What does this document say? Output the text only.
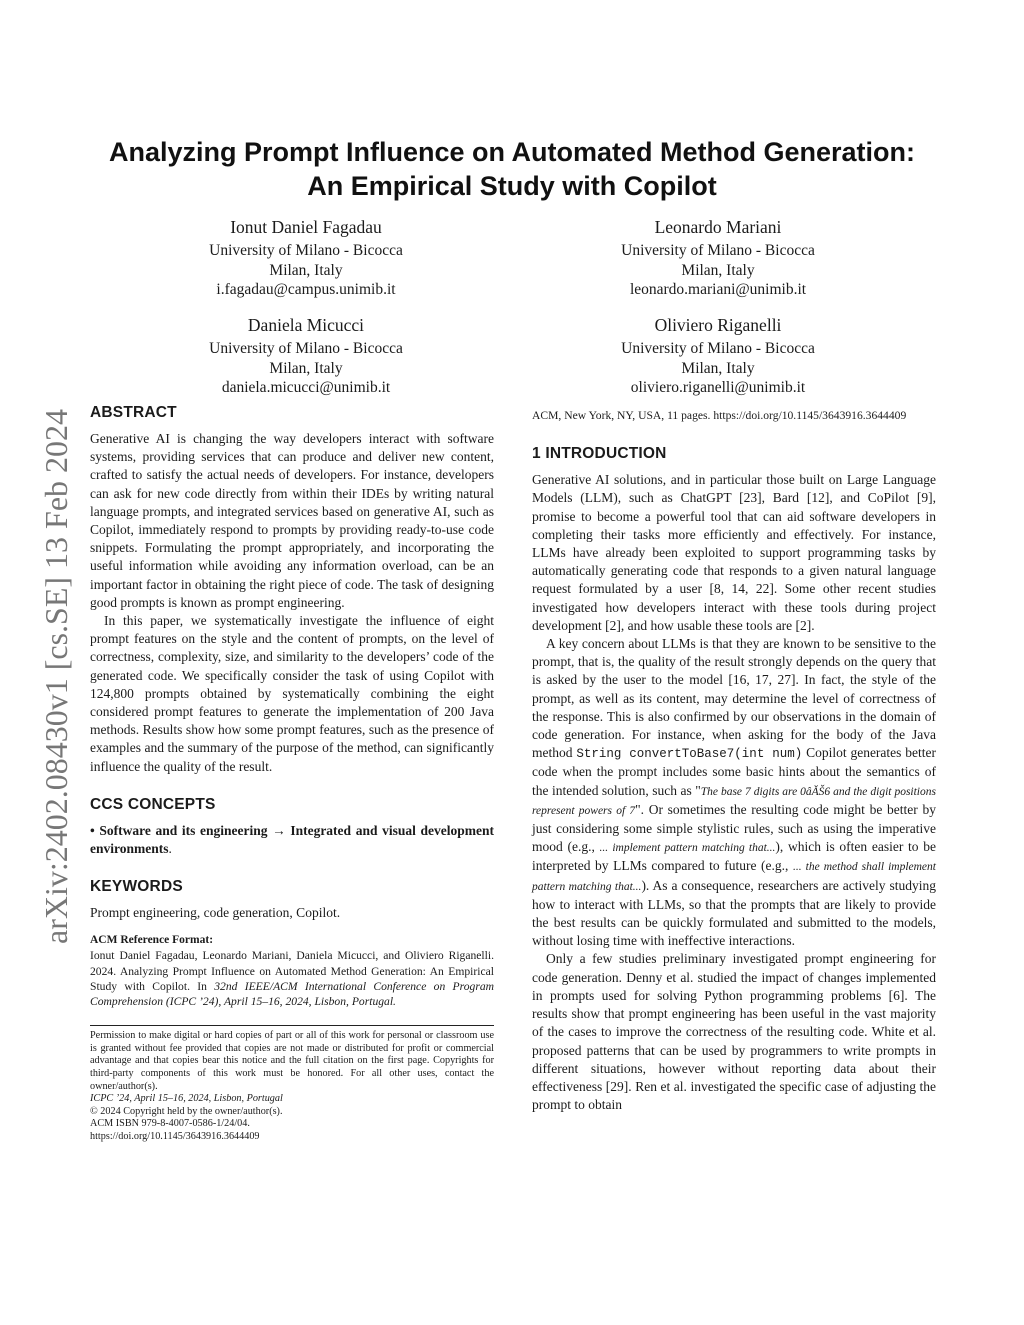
Analyzing Prompt Influence on Automated Method Generation:
An Empirical Study with Copilot
arXiv:2402.08430v1 [cs.SE] 13 Feb 2024
Ionut Daniel Fagadau
University of Milano - Bicocca
Milan, Italy
i.fagadau@campus.unimib.it
Leonardo Mariani
University of Milano - Bicocca
Milan, Italy
leonardo.mariani@unimib.it
Daniela Micucci
University of Milano - Bicocca
Milan, Italy
daniela.micucci@unimib.it
Oliviero Riganelli
University of Milano - Bicocca
Milan, Italy
oliviero.riganelli@unimib.it
ABSTRACT

Generative AI is changing the way developers interact with software systems, providing services that can produce and deliver new content, crafted to satisfy the actual needs of developers. For instance, developers can ask for new code directly from within their IDEs by writing natural language prompts, and integrated services based on generative AI, such as Copilot, immediately respond to prompts by providing ready-to-use code snippets. Formulating the prompt appropriately, and incorporating the useful information while avoiding any information overload, can be an important factor in obtaining the right piece of code. The task of designing good prompts is known as prompt engineering.

In this paper, we systematically investigate the influence of eight prompt features on the style and the content of prompts, on the level of correctness, complexity, size, and similarity to the developers’ code of the generated code. We specifically consider the task of using Copilot with 124,800 prompts obtained by systematically combining the eight considered prompt features to generate the implementation of 200 Java methods. Results show how some prompt features, such as the presence of examples and the summary of the purpose of the method, can significantly influence the quality of the result.

CCS CONCEPTS

• Software and its engineering → Integrated and visual development environments.

KEYWORDS

Prompt engineering, code generation, Copilot.

ACM Reference Format:
Ionut Daniel Fagadau, Leonardo Mariani, Daniela Micucci, and Oliviero Riganelli. 2024. Analyzing Prompt Influence on Automated Method Generation: An Empirical Study with Copilot. In 32nd IEEE/ACM International Conference on Program Comprehension (ICPC ’24), April 15–16, 2024, Lisbon, Portugal.
Permission to make digital or hard copies of part or all of this work for personal or classroom use is granted without fee provided that copies are not made or distributed for profit or commercial advantage and that copies bear this notice and the full citation on the first page. Copyrights for third-party components of this work must be honored. For all other uses, contact the owner/author(s).
ICPC ’24, April 15–16, 2024, Lisbon, Portugal
© 2024 Copyright held by the owner/author(s).
ACM ISBN 979-8-4007-0586-1/24/04.
https://doi.org/10.1145/3643916.3644409
ACM, New York, NY, USA, 11 pages. https://doi.org/10.1145/3643916.3644409
1 INTRODUCTION

Generative AI solutions, and in particular those built on Large Language Models (LLM), such as ChatGPT [23], Bard [12], and CoPilot [9], promise to become a powerful tool that can aid software developers in completing their tasks more efficiently and effectively. For instance, LLMs have already been exploited to support programming tasks by automatically generating code that responds to a given natural language request formulated by a user [8, 14, 22]. Some other recent studies investigated how developers interact with these tools during project development [2], and how usable these tools are [2].

A key concern about LLMs is that they are known to be sensitive to the prompt, that is, the quality of the result strongly depends on the query that is asked by the user to the model [16, 17, 27]. In fact, the style of the prompt, as well as its content, may determine the level of correctness of the response. This is also confirmed by our observations in the domain of code generation. For instance, when asking for the body of the Java method String convertToBase7(int num) Copilot generates better code when the prompt includes some basic hints about the semantics of the intended solution, such as "The base 7 digits are 0âĂŠ6 and the digit positions represent powers of 7". Or sometimes the resulting code might be better by just considering some simple stylistic rules, such as using the imperative mood (e.g., ... implement pattern matching that...), which is often easier to be interpreted by LLMs compared to future (e.g., ... the method shall implement pattern matching that...). As a consequence, researchers are actively studying how to interact with LLMs, so that the prompts that are likely to provide the best results can be quickly formulated and submitted to the models, without losing time with ineffective interactions.

Only a few studies preliminary investigated prompt engineering for code generation. Denny et al. studied the impact of changes implemented in prompts used for solving Python programming problems [6]. The results show that prompt engineering has been useful in the vast majority of the cases to improve the correctness of the resulting code. White et al. proposed patterns that can be used by programmers to write prompts in different situations, however without reporting data about their effectiveness [29]. Ren et al. investigated the specific case of adjusting the prompt to obtain
